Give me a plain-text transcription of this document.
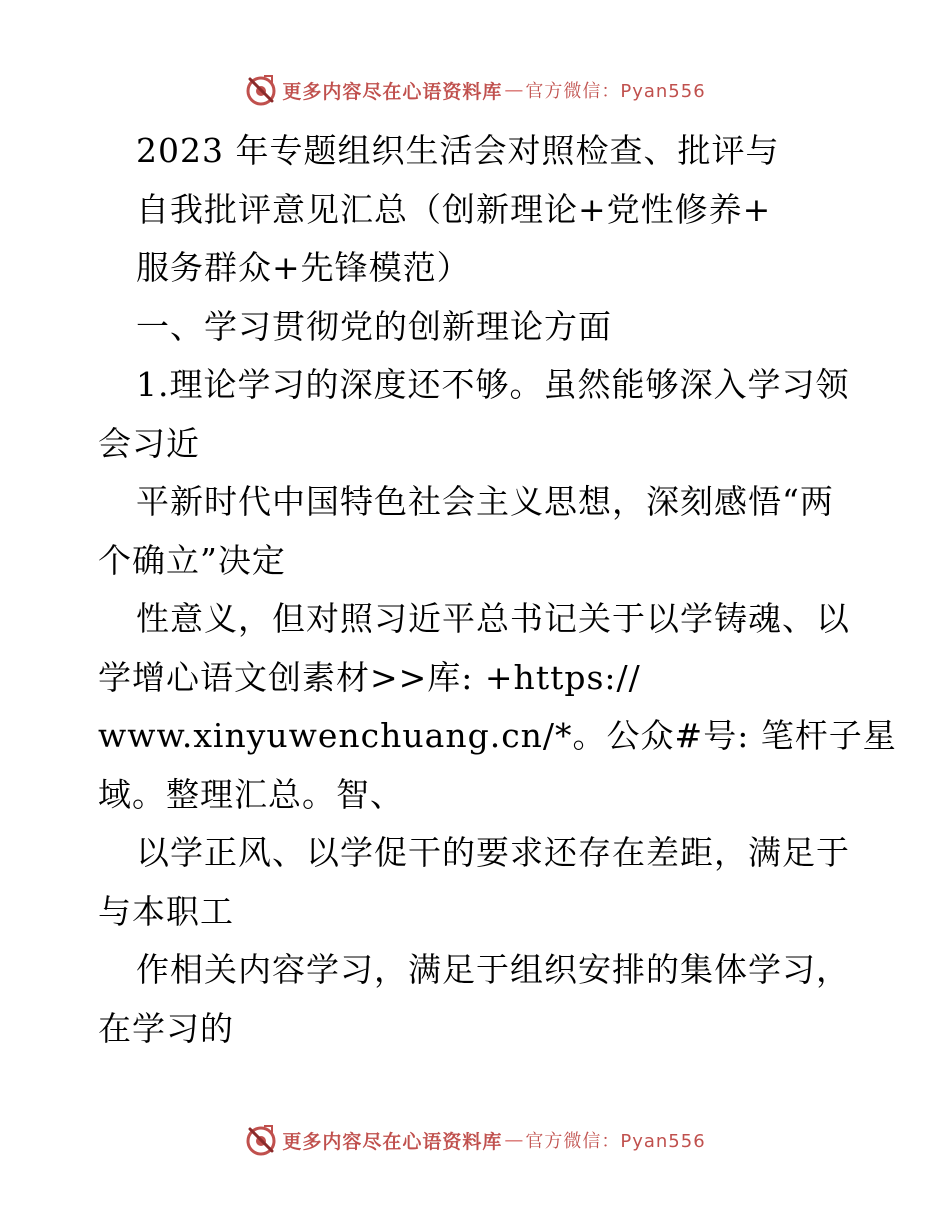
更多内容尽在心语资料库 — 官方微信：Pyan556
2023 年专题组织生活会对照检查、批评与
自我批评意见汇总（创新理论+党性修养+
服务群众+先锋模范）
一、学习贯彻党的创新理论方面
1.理论学习的深度还不够。虽然能够深入学习领
会习近
平新时代中国特色社会主义思想，深刻感悟“两
个确立”决定
性意义，但对照习近平总书记关于以学铸魂、以
学增心语文创素材>>库: +https://
www.xinyuwenchuang.cn/*。公众#号: 笔杆子星
域。整理汇总。智、
以学正风、以学促干的要求还存在差距，满足于
与本职工
作相关内容学习，满足于组织安排的集体学习，
在学习的
更多内容尽在心语资料库 — 官方微信：Pyan556
